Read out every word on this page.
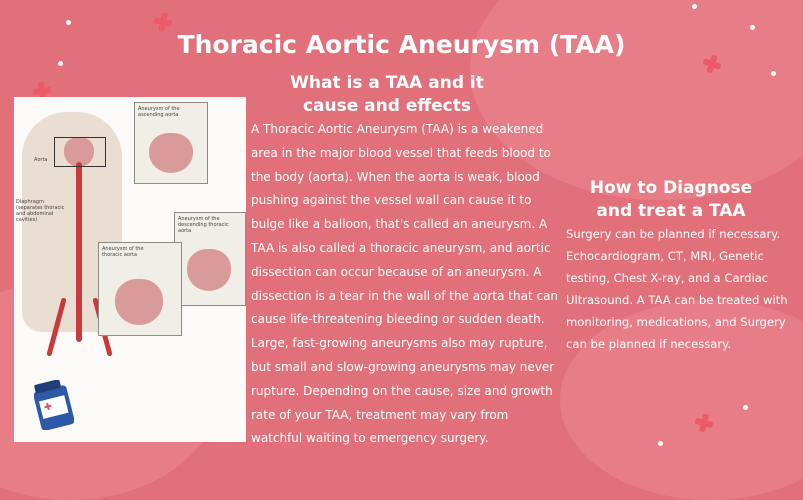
Thoracic Aortic Aneurysm (TAA)
What is a TAA and it
cause and effects
Aorta
Diaphragm (separates thoracic and abdominal cavities)
Aneurysm of the ascending aorta
Aneurysm of the descending thoracic aorta
Aneurysm of the thoracic aorta

A Thoracic Aortic Aneurysm (TAA) is a weakened area in the major blood vessel that feeds blood to the body (aorta). When the aorta is weak, blood pushing against the vessel wall can cause it to bulge like a balloon, that's called an aneurysm. A TAA is also called a thoracic aneurysm, and aortic dissection can occur because of an aneurysm. A dissection is a tear in the wall of the aorta that can cause life-threatening bleeding or sudden death. Large, fast-growing aneurysms also may rupture, but small and slow-growing aneurysms may never rupture. Depending on the cause, size and growth rate of your TAA, treatment may vary from watchful waiting to emergency surgery.

How to Diagnose
and treat a TAA

Surgery can be planned if necessary. Echocardiogram, CT, MRI, Genetic testing, Chest X-ray, and a Cardiac Ultrasound. A TAA can be treated with monitoring, medications, and Surgery can be planned if necessary.
